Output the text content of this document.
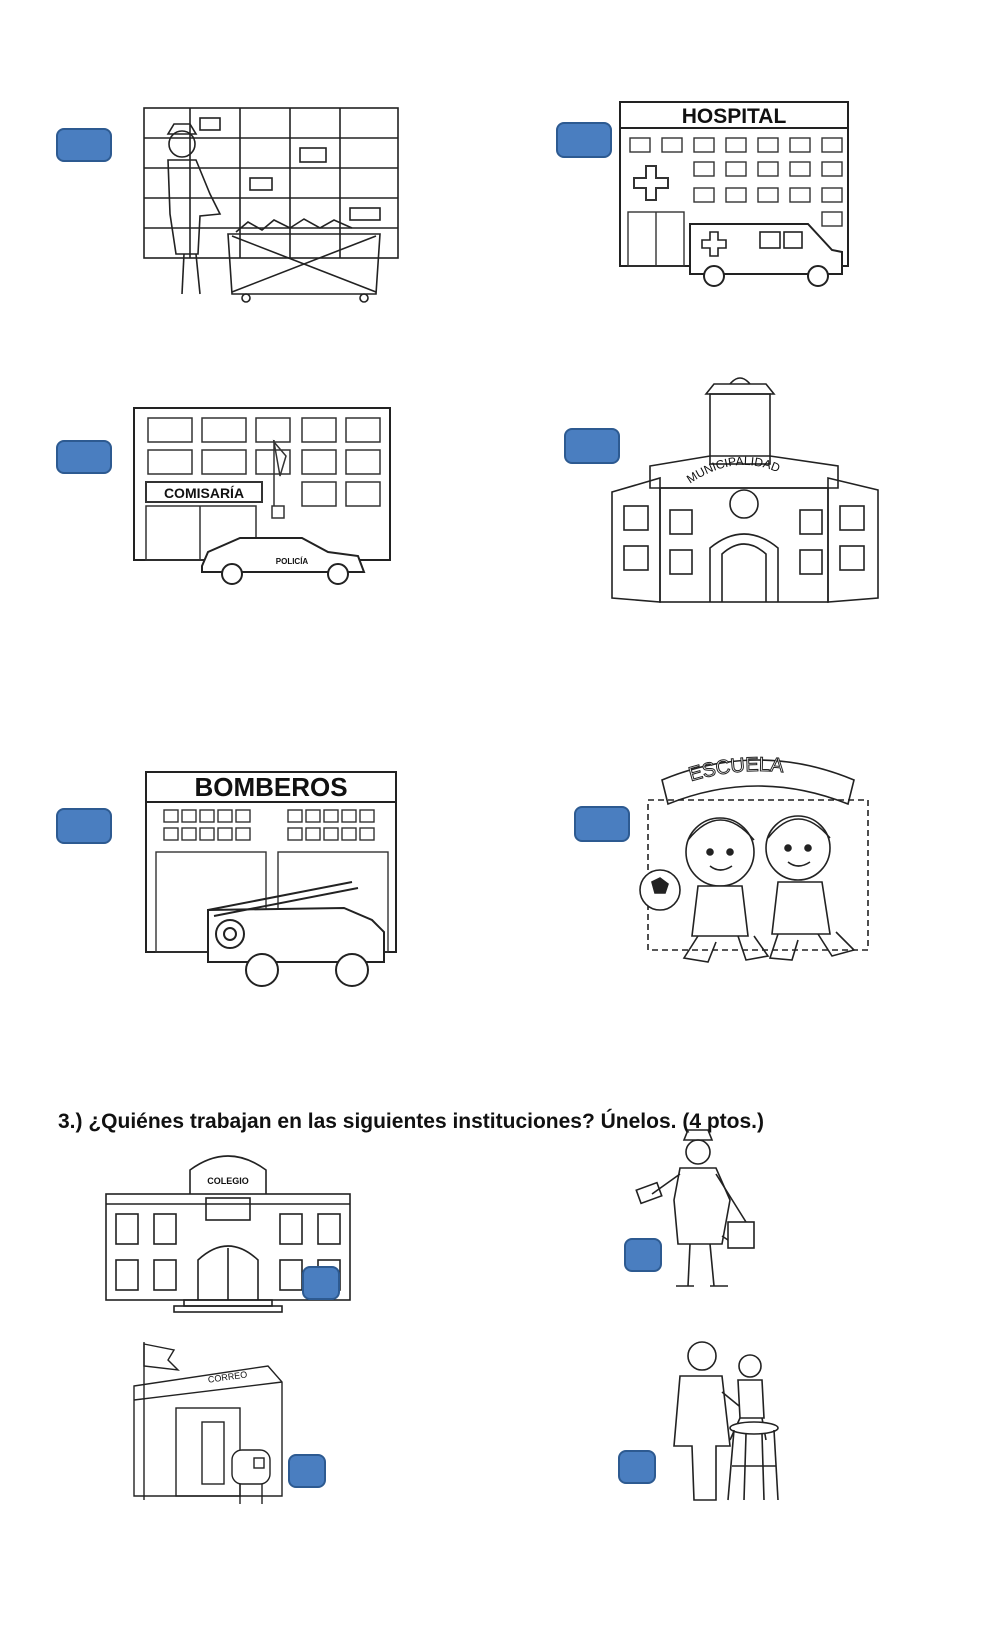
HOSPITAL
COMISARÍA
POLICÍA
MUNICIPALIDAD
BOMBEROS	ESCUELA
3.) ¿Quiénes trabajan en las siguientes instituciones? Únelos. (4 ptos.)
COLEGIO
CORREO
